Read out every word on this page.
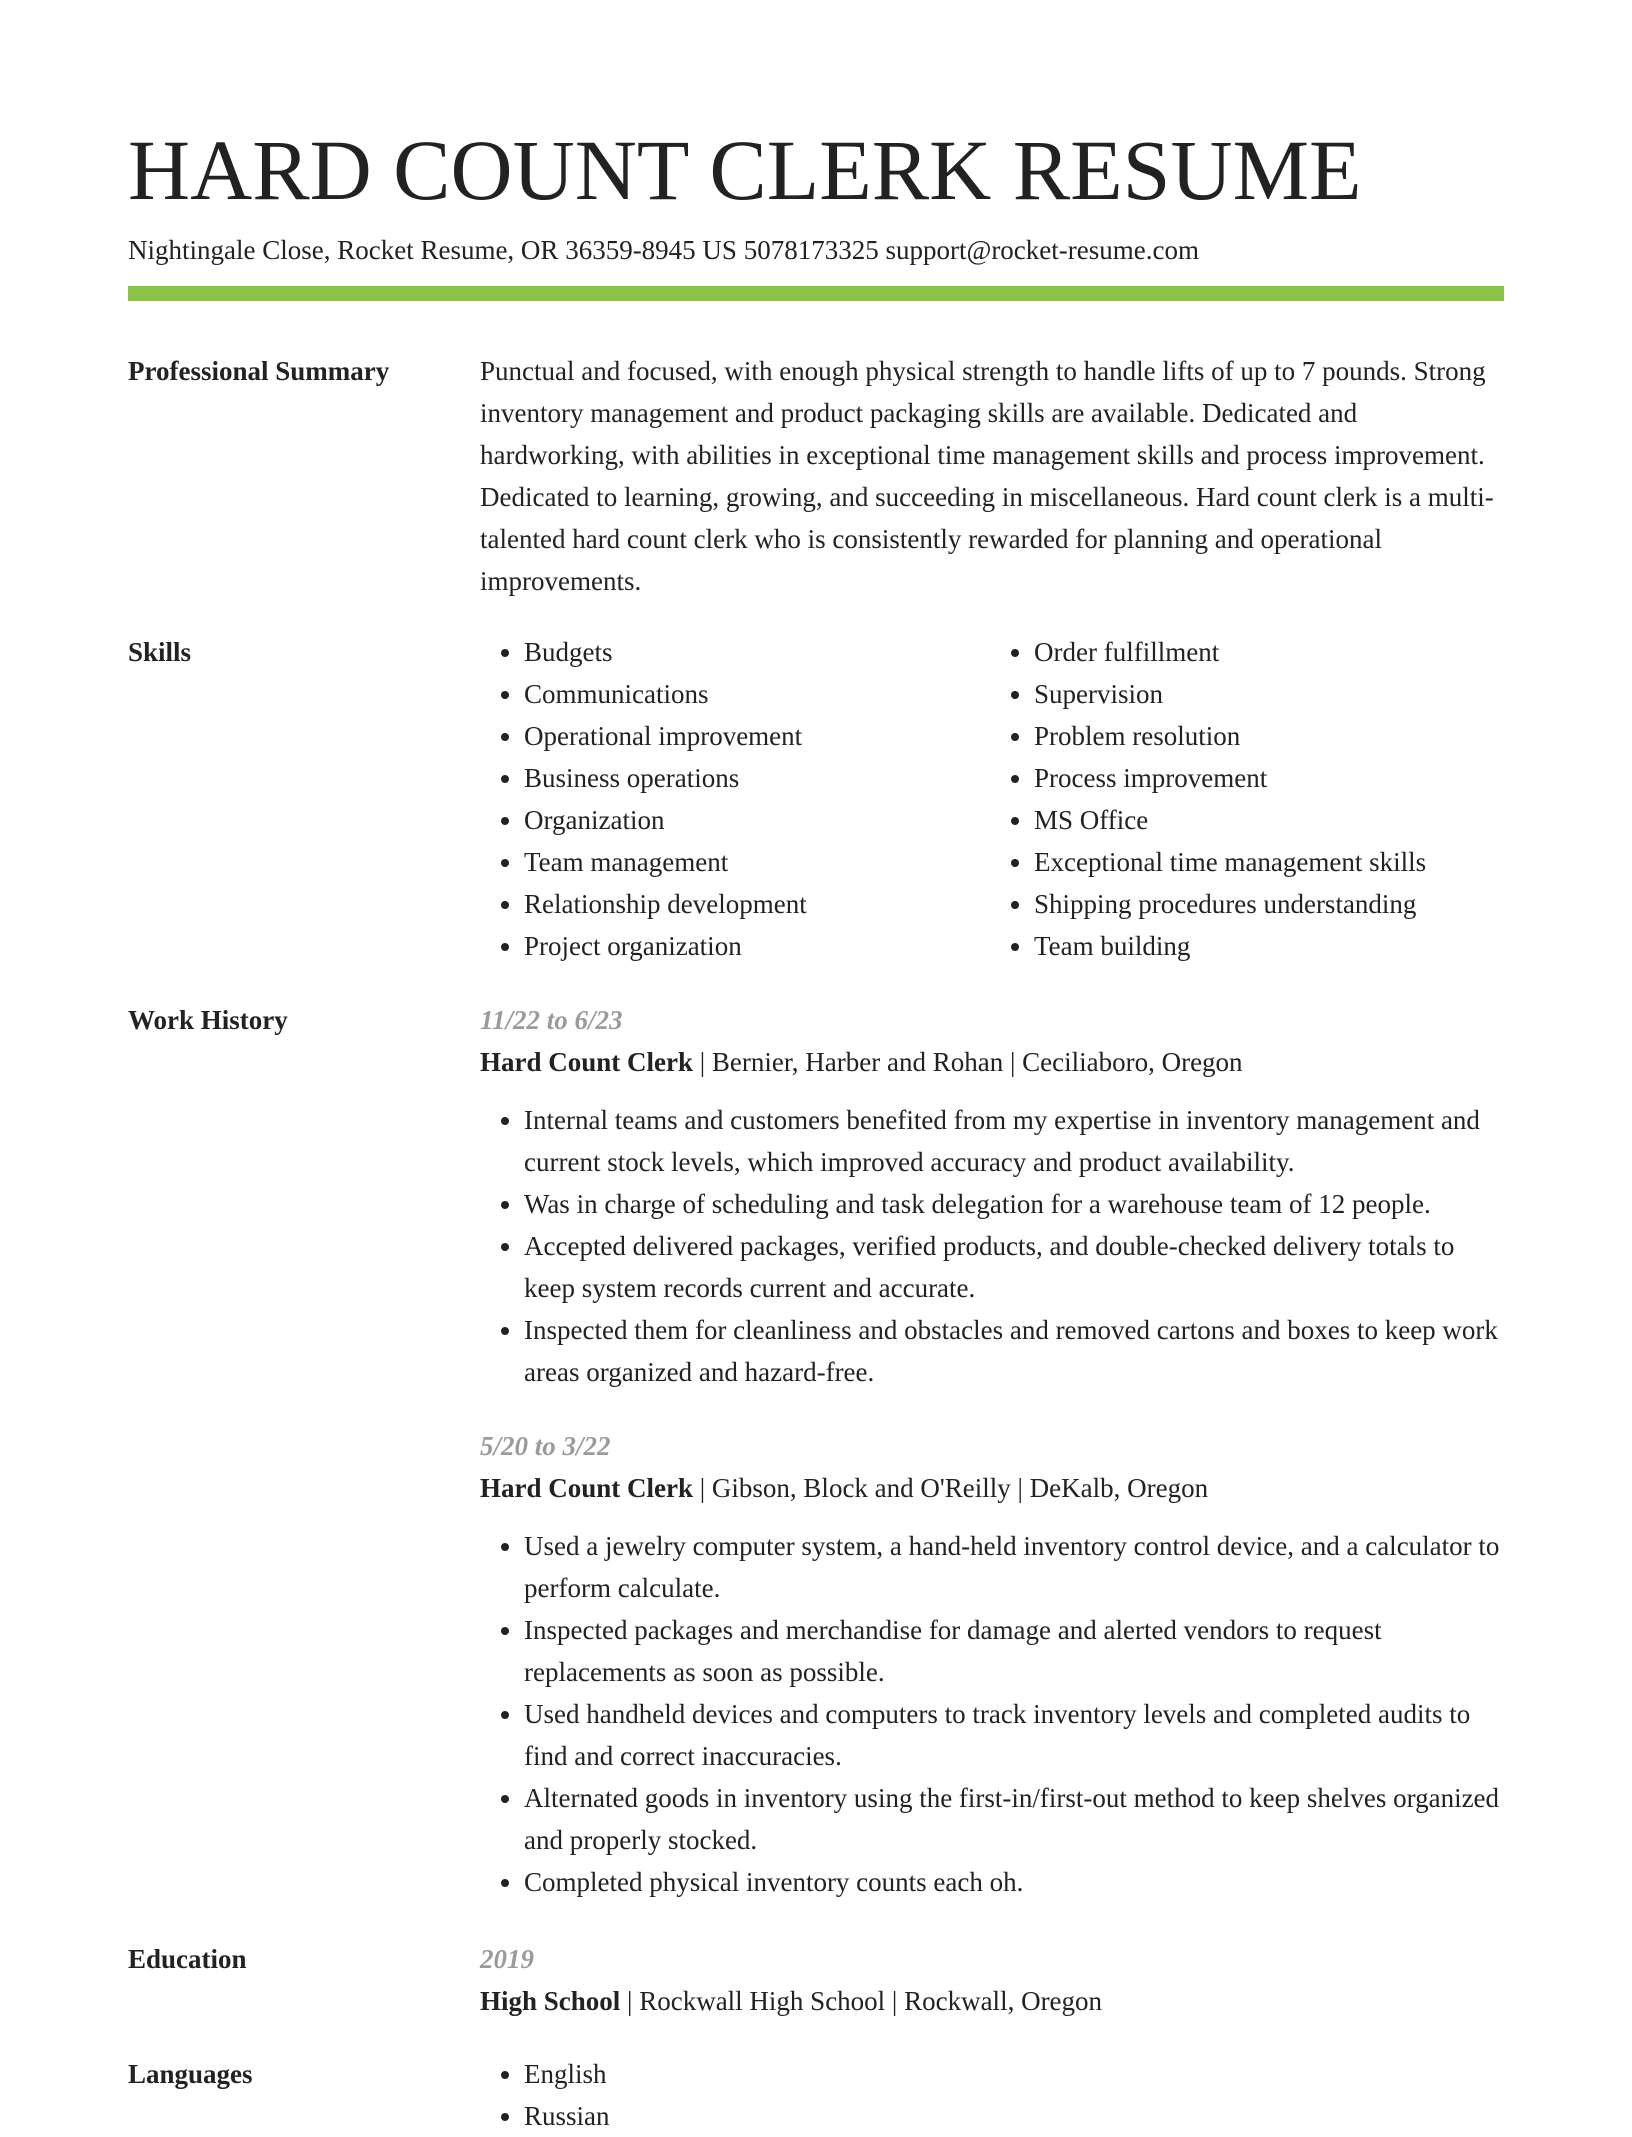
HARD COUNT CLERK RESUME
Nightingale Close, Rocket Resume, OR 36359-8945 US 5078173325 support@rocket-resume.com
Professional Summary	Punctual and focused, with enough physical strength to handle lifts of up to 7 pounds. Strong inventory management and product packaging skills are available. Dedicated and hardworking, with abilities in exceptional time management skills and process improvement. Dedicated to learning, growing, and succeeding in miscellaneous. Hard count clerk is a multi-talented hard count clerk who is consistently rewarded for planning and operational improvements.

Skills	• Budgets
• Communications
• Operational improvement
• Business operations
• Organization
• Team management
• Relationship development
• Project organization
• Order fulfillment
• Supervision
• Problem resolution
• Process improvement
• MS Office
• Exceptional time management skills
• Shipping procedures understanding
• Team building
Work History	11/22 to 6/23
Hard Count Clerk | Bernier, Harber and Rohan | Ceciliaboro, Oregon
• Internal teams and customers benefited from my expertise in inventory management and current stock levels, which improved accuracy and product availability.
• Was in charge of scheduling and task delegation for a warehouse team of 12 people.
• Accepted delivered packages, verified products, and double-checked delivery totals to keep system records current and accurate.
• Inspected them for cleanliness and obstacles and removed cartons and boxes to keep work areas organized and hazard-free.
5/20 to 3/22
Hard Count Clerk | Gibson, Block and O'Reilly | DeKalb, Oregon
• Used a jewelry computer system, a hand-held inventory control device, and a calculator to perform calculate.
• Inspected packages and merchandise for damage and alerted vendors to request replacements as soon as possible.
• Used handheld devices and computers to track inventory levels and completed audits to find and correct inaccuracies.
• Alternated goods in inventory using the first-in/first-out method to keep shelves organized and properly stocked.
• Completed physical inventory counts each oh.
Education	2019
High School | Rockwall High School | Rockwall, Oregon
Languages	• English
• Russian
